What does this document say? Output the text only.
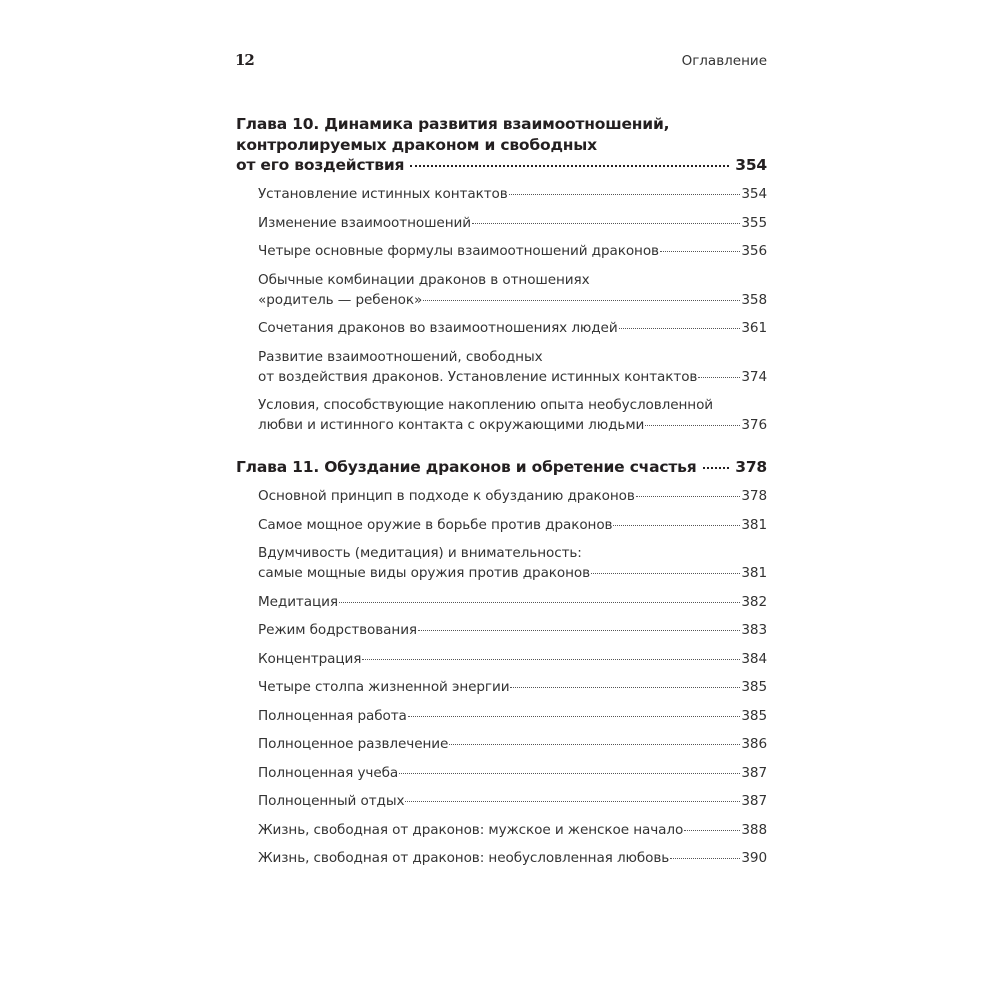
12	Оглавление
Глава 10. Динамика развития взаимоотношений,
контролируемых драконом и свободных
от его воздействия	354
Установление истинных контактов	354
Изменение взаимоотношений	355
Четыре основные формулы взаимоотношений драконов	356
Обычные комбинации драконов в отношениях
«родитель — ребенок»	358
Сочетания драконов во взаимоотношениях людей	361
Развитие взаимоотношений, свободных
от воздействия драконов. Установление истинных контактов	374
Условия, способствующие накоплению опыта необусловленной
любви и истинного контакта с окружающими людьми	376
Глава 11. Обуздание драконов и обретение счастья 378
Основной принцип в подходе к обузданию драконов	378
Самое мощное оружие в борьбе против драконов	381
Вдумчивость (медитация) и внимательность:
самые мощные виды оружия против драконов	381
Медитация	382
Режим бодрствования	383
Концентрация	384
Четыре столпа жизненной энергии	385
Полноценная работа	385
Полноценное развлечение	386
Полноценная учеба	387
Полноценный отдых	387
Жизнь, свободная от драконов: мужское и женское начало	388
Жизнь, свободная от драконов: необусловленная любовь	390
